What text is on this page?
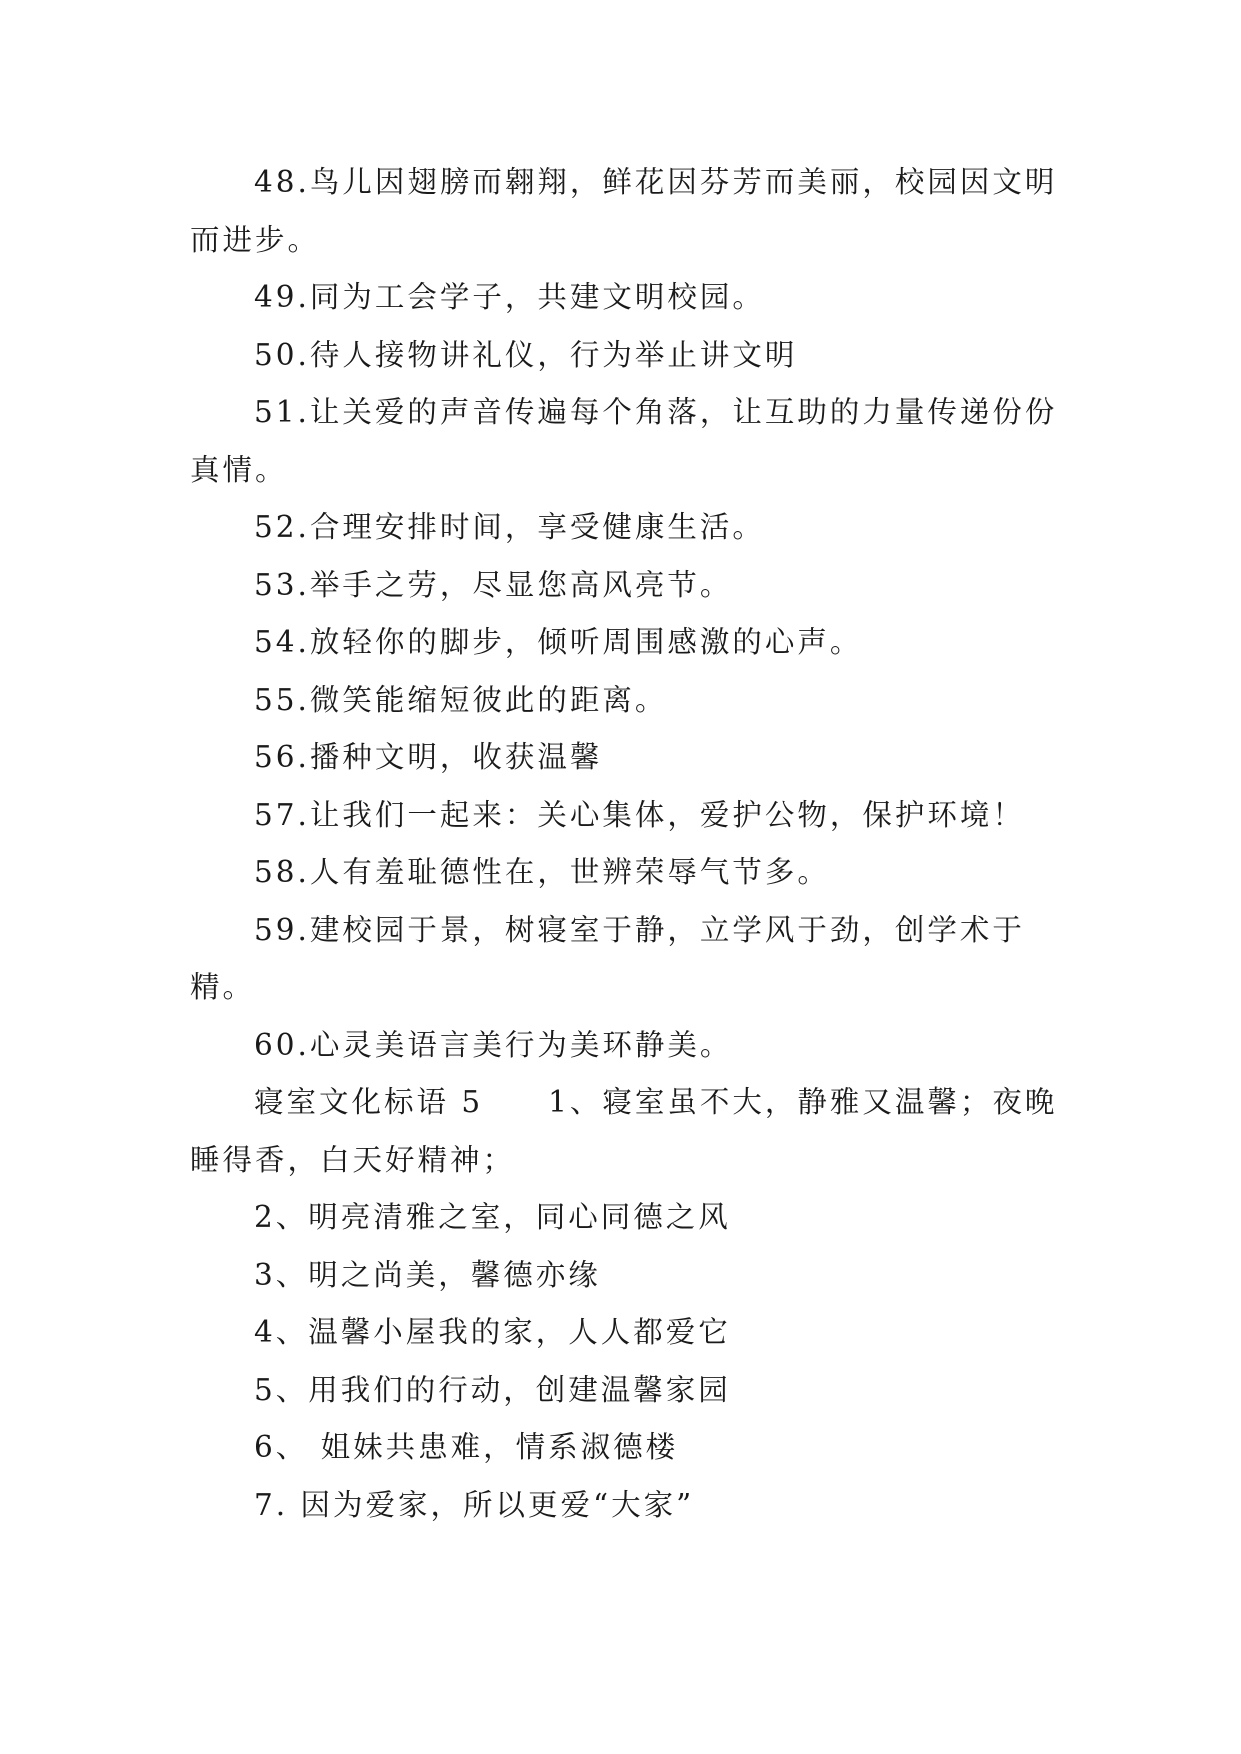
48.鸟儿因翅膀而翱翔，鲜花因芬芳而美丽，校园因文明而进步。

49.同为工会学子，共建文明校园。

50.待人接物讲礼仪，行为举止讲文明

51.让关爱的声音传遍每个角落，让互助的力量传递份份真情。

52.合理安排时间，享受健康生活。

53.举手之劳，尽显您高风亮节。

54.放轻你的脚步，倾听周围感激的心声。

55.微笑能缩短彼此的距离。

56.播种文明，收获温馨

57.让我们一起来：关心集体，爱护公物，保护环境！

58.人有羞耻德性在，世辨荣辱气节多。

59.建校园于景，树寝室于静，立学风于劲，创学术于精。

60.心灵美语言美行为美环静美。

寝室文化标语 5　　1、寝室虽不大，静雅又温馨；夜晚睡得香，白天好精神；

2、明亮清雅之室，同心同德之风

3、明之尚美，馨德亦缘

4、温馨小屋我的家，人人都爱它

5、用我们的行动，创建温馨家园

6、 姐妹共患难，情系淑德楼

7. 因为爱家，所以更爱“大家”
